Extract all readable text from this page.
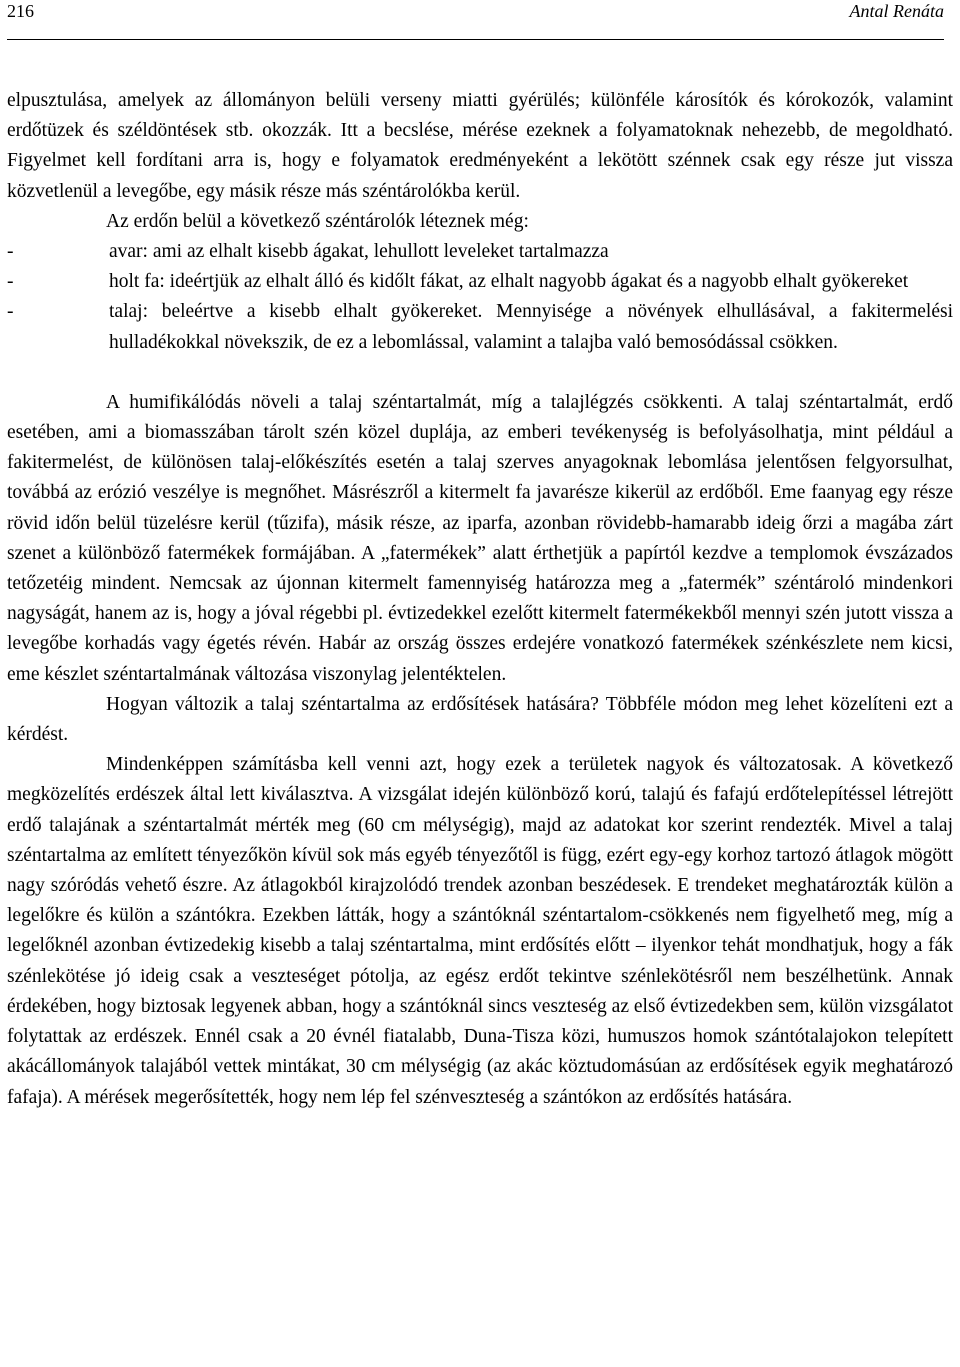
216	Antal Renáta

elpusztulása, amelyek az állományon belüli verseny miatti gyérülés; különféle károsítók és kórokozók, valamint erdőtüzek és széldöntések stb. okozzák. Itt a becslése, mérése ezeknek a folyamatoknak nehezebb, de megoldható. Figyelmet kell fordítani arra is, hogy e folyamatok eredményeként a lekötött szénnek csak egy része jut vissza közvetlenül a levegőbe, egy másik része más széntárolókba kerül.

Az erdőn belül a következő széntárolók léteznek még:

-	avar: ami az elhalt kisebb ágakat, lehullott leveleket tartalmazza
-	holt fa: ideértjük az elhalt álló és kidőlt fákat, az elhalt nagyobb ágakat és a nagyobb elhalt gyökereket
-	talaj: beleértve a kisebb elhalt gyökereket. Mennyisége a növények elhullásával, a fakitermelési hulladékokkal növekszik, de ez a lebomlással, valamint a talajba való bemosódással csökken.

A humifikálódás növeli a talaj széntartalmát, míg a talajlégzés csökkenti. A talaj széntartalmát, erdő esetében, ami a biomasszában tárolt szén közel duplája, az emberi tevékenység is befolyásolhatja, mint például a fakitermelést, de különösen talaj-előkészítés esetén a talaj szerves anyagoknak lebomlása jelentősen felgyorsulhat, továbbá az erózió veszélye is megnőhet. Másrészről a kitermelt fa javarésze kikerül az erdőből. Eme faanyag egy része rövid időn belül tüzelésre kerül (tűzifa), másik része, az iparfa, azonban rövidebb-hamarabb ideig őrzi a magába zárt szenet a különböző fatermékek formájában. A „fatermékek” alatt érthetjük a papírtól kezdve a templomok évszázados tetőzetéig mindent. Nemcsak az újonnan kitermelt famennyiség határozza meg a „fatermék” széntároló mindenkori nagyságát, hanem az is, hogy a jóval régebbi pl. évtizedekkel ezelőtt kitermelt fatermékekből mennyi szén jutott vissza a levegőbe korhadás vagy égetés révén. Habár az ország összes erdejére vonatkozó fatermékek szénkészlete nem kicsi, eme készlet széntartalmának változása viszonylag jelentéktelen.

Hogyan változik a talaj széntartalma az erdősítések hatására? Többféle módon meg lehet közelíteni ezt a kérdést.

Mindenképpen számításba kell venni azt, hogy ezek a területek nagyok és változatosak. A következő megközelítés erdészek által lett kiválasztva. A vizsgálat idején különböző korú, talajú és fafajú erdőtelepítéssel létrejött erdő talajának a széntartalmát mérték meg (60 cm mélységig), majd az adatokat kor szerint rendezték. Mivel a talaj széntartalma az említett tényezőkön kívül sok más egyéb tényezőtől is függ, ezért egy-egy korhoz tartozó átlagok mögött nagy szóródás vehető észre. Az átlagokból kirajzolódó trendek azonban beszédesek. E trendeket meghatározták külön a legelőkre és külön a szántókra. Ezekben látták, hogy a szántóknál széntartalom-csökkenés nem figyelhető meg, míg a legelőknél azonban évtizedekig kisebb a talaj széntartalma, mint erdősítés előtt – ilyenkor tehát mondhatjuk, hogy a fák szénlekötése jó ideig csak a veszteséget pótolja, az egész erdőt tekintve szénlekötésről nem beszélhetünk. Annak érdekében, hogy biztosak legyenek abban, hogy a szántóknál sincs veszteség az első évtizedekben sem, külön vizsgálatot folytattak az erdészek. Ennél csak a 20 évnél fiatalabb, Duna-Tisza közi, humuszos homok szántótalajokon telepített akácállományok talajából vettek mintákat, 30 cm mélységig (az akác köztudomásúan az erdősítések egyik meghatározó fafaja). A mérések megerősítették, hogy nem lép fel szénveszteség a szántókon az erdősítés hatására.
